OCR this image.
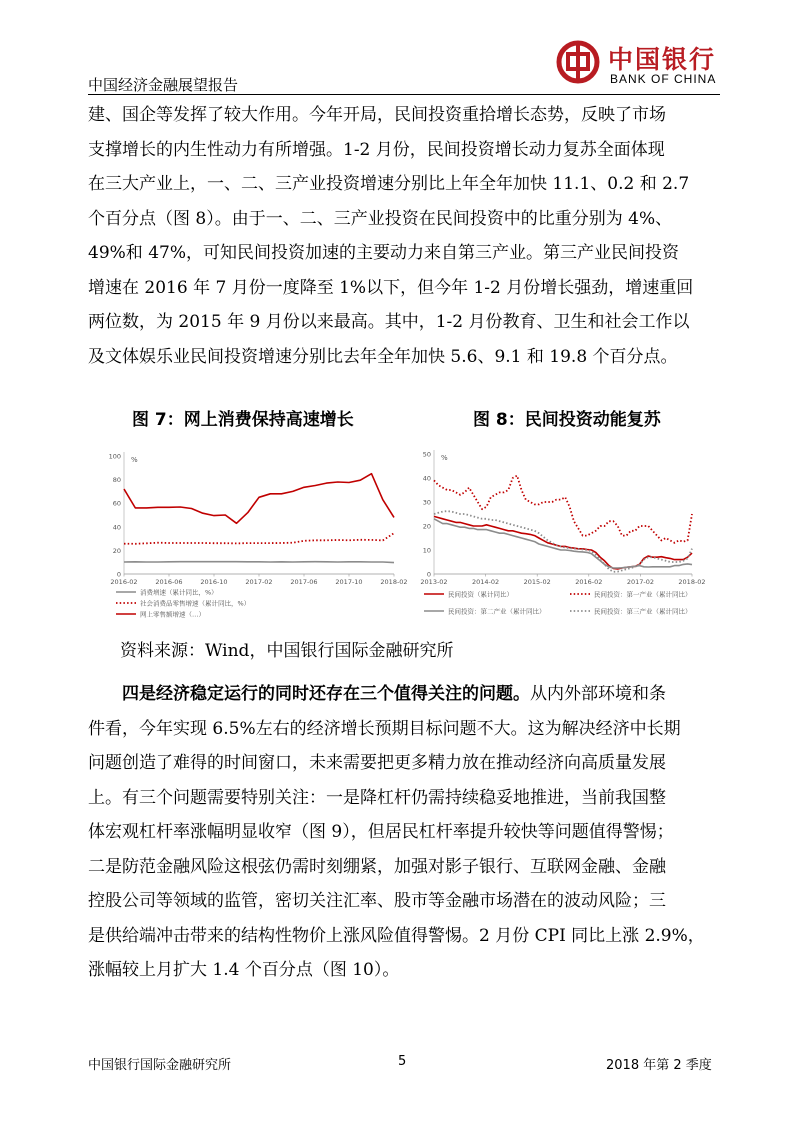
中国经济金融展望报告
中国银行
BANK OF CHINA

建、国企等发挥了较大作用。今年开局，民间投资重拾增长态势，反映了市场

支撑增长的内生性动力有所增强。1-2 月份，民间投资增长动力复苏全面体现

在三大产业上，一、二、三产业投资增速分别比上年全年加快 11.1、0.2 和 2.7

个百分点（图 8）。由于一、二、三产业投资在民间投资中的比重分别为 4%、

49%和 47%，可知民间投资加速的主要动力来自第三产业。第三产业民间投资

增速在 2016 年 7 月份一度降至 1%以下，但今年 1-2 月份增长强劲，增速重回

两位数，为 2015 年 9 月份以来最高。其中，1-2 月份教育、卫生和社会工作以

及文体娱乐业民间投资增速分别比去年全年加快 5.6、9.1 和 19.8 个百分点。

图 7：网上消费保持高速增长	图 8：民间投资动能复苏
0
20
40
60
80
100 %
2016-02	2016-06	2016-10	2017-02	2017-06	2017-10	2018-02
消费增速（累计同比，%）
社会消费品零售增速（累计同比，%）
网上零售额增速（…）
0
10
20
30
40
50 %
2013-02	2014-02	2015-02	2016-02	2017-02	2018-02
民间投资（累计同比）	民间投资：第一产业（累计同比）
民间投资：第二产业（累计同比）	民间投资：第三产业（累计同比）
资料来源：Wind，中国银行国际金融研究所

四是经济稳定运行的同时还存在三个值得关注的问题。从内外部环境和条

件看，今年实现 6.5%左右的经济增长预期目标问题不大。这为解决经济中长期

问题创造了难得的时间窗口，未来需要把更多精力放在推动经济向高质量发展

上。有三个问题需要特别关注：一是降杠杆仍需持续稳妥地推进，当前我国整

体宏观杠杆率涨幅明显收窄（图 9），但居民杠杆率提升较快等问题值得警惕；

二是防范金融风险这根弦仍需时刻绷紧，加强对影子银行、互联网金融、金融

控股公司等领域的监管，密切关注汇率、股市等金融市场潜在的波动风险；三

是供给端冲击带来的结构性物价上涨风险值得警惕。2 月份 CPI 同比上涨 2.9%，

涨幅较上月扩大 1.4 个百分点（图 10）。

中国银行国际金融研究所	5	2018 年第 2 季度
